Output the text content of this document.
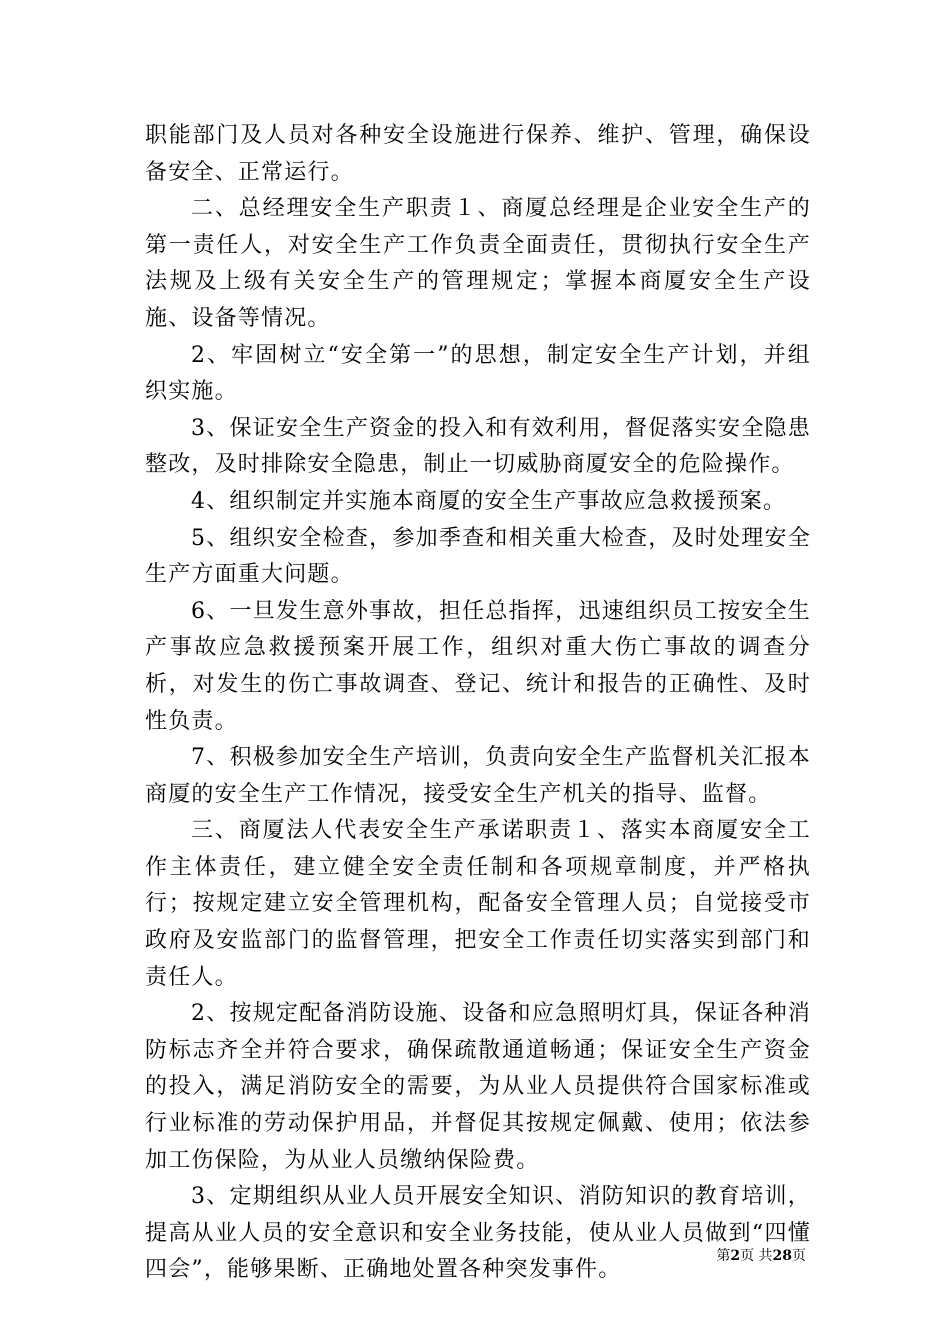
职能部门及人员对各种安全设施进行保养、维护、管理，确保设备安全、正常运行。

二、总经理安全生产职责１、商厦总经理是企业安全生产的第一责任人，对安全生产工作负责全面责任，贯彻执行安全生产法规及上级有关安全生产的管理规定；掌握本商厦安全生产设施、设备等情况。

2、牢固树立“安全第一”的思想，制定安全生产计划，并组织实施。

3、保证安全生产资金的投入和有效利用，督促落实安全隐患整改，及时排除安全隐患，制止一切威胁商厦安全的危险操作。

4、组织制定并实施本商厦的安全生产事故应急救援预案。

5、组织安全检查，参加季查和相关重大检查，及时处理安全生产方面重大问题。

6、一旦发生意外事故，担任总指挥，迅速组织员工按安全生产事故应急救援预案开展工作，组织对重大伤亡事故的调查分析，对发生的伤亡事故调查、登记、统计和报告的正确性、及时性负责。

7、积极参加安全生产培训，负责向安全生产监督机关汇报本商厦的安全生产工作情况，接受安全生产机关的指导、监督。

三、商厦法人代表安全生产承诺职责１、落实本商厦安全工作主体责任，建立健全安全责任制和各项规章制度，并严格执行；按规定建立安全管理机构，配备安全管理人员；自觉接受市政府及安监部门的监督管理，把安全工作责任切实落实到部门和责任人。

2、按规定配备消防设施、设备和应急照明灯具，保证各种消防标志齐全并符合要求，确保疏散通道畅通；保证安全生产资金的投入，满足消防安全的需要，为从业人员提供符合国家标准或行业标准的劳动保护用品，并督促其按规定佩戴、使用；依法参加工伤保险，为从业人员缴纳保险费。

3、定期组织从业人员开展安全知识、消防知识的教育培训，提高从业人员的安全意识和安全业务技能，使从业人员做到“四懂四会”，能够果断、正确地处置各种突发事件。

第2页 共28页
